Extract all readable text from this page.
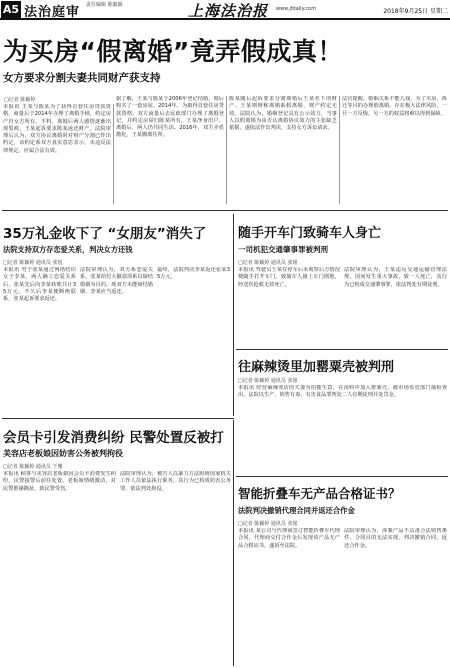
A5 法治庭审 责任编辑 陈毅颖	上海法治报 www.jfdaily.com	2018年9月25日 星期二
为买房“假离婚”竟弄假成真！
女方要求分割夫妻共同财产获支持
□记者 陈颖婷
本报讯 王某与陈某为了获得首套住房贷款资格，商量后于2014年办理了离婚手续，约定房产归女方所有。不料，离婚后两人感情逐渐出现裂痕，王某起诉要求陈某返还财产。法院审理后认为，双方协议离婚时对财产分割已作出约定，该约定系双方真实意思表示，未违反法律规定，应属合法有效。
据了解，王某与陈某于2006年登记结婚，婚后购买了一套房屋。2014年，为取得首套住房贷款资格，双方商量后去民政部门办理了离婚登记，并约定房屋归陈某所有，王某净身出户。离婚后，两人仍共同生活。2016年，双方矛盾激化，王某搬离住所。
陈某随后起诉要求分割离婚后王某名下的财产。王某则辩称离婚系假离婚，财产约定无效。法院认为，婚姻登记具有公示效力，当事人以假离婚为由否认离婚协议效力的主张缺乏依据，遂依法作出判决，支持女方诉讼请求。
法官提醒，婚姻关系不能儿戏，为了买房、拆迁等目的办理假离婚，存在极大法律风险，一旦一方反悔，另一方的权益将难以得到保障。
35万礼金收下了 “女朋友”消失了
法院支持双方存恋爱关系，判决女方还钱
□记者 陈颖婷 通讯员 张悦
本报讯 男子张某通过网络结识女子李某，两人确立恋爱关系后，张某先后向李某转账共计35万元。不久后李某便断绝联系，张某起诉要求返还。
法院审理认为，双方系恋爱关系，张某给付大额款项系以缔结婚姻为目的，现双方未能缔结婚姻，李某应当返还。
最终，法院判决李某返还张某35万元。
随手开车门致骑车人身亡
一司机犯交通肇事罪被判刑
□记者 陈颖婷 通讯员 张铭
本报讯 驾驶员王某在停车后未观察后方情况便随手打开车门，致骑车人撞上车门倒地，经送医抢救无效死亡。
法院审理认为，王某违反交通运输管理法规，因而发生重大事故，致一人死亡，其行为已构成交通肇事罪，依法判处有期徒刑。
往麻辣烫里加罂粟壳被判刑
□记者 陈颖婷 通讯员 张铭
本报讯 经营麻辣烫店的夫妻为招揽生意，在汤料中加入罂粟壳，被市场监管部门抽检查出。法院以生产、销售有毒、有害食品罪判处二人有期徒刑并处罚金。
会员卡引发消费纠纷 民警处置反被打
美容店老板娘因妨害公务被判拘役
□记者 陈颖婷 通讯员 王珊
本报讯 顾客与美容店老板娘因会员卡消费发生纠纷，民警接警后前往处置。老板娘情绪激动，对民警推搡撕扯，致民警受伤。
法院审理认为，被告人以暴力方法阻碍国家机关工作人员依法执行职务，其行为已构成妨害公务罪，依法判处拘役。	智能折叠车无产品合格证书？
法院判决撤销代理合同并返还合作金
□记者 陈颖婷 通讯员 张铭
本报讯 某公司与代理商签订智能折叠车代理合同，代理商交付合作金后发现该产品无产品合格证书，遂诉至法院。
法院审理认为，涉案产品不具备合法销售条件，合同目的无法实现，判决撤销合同，返还合作金。
